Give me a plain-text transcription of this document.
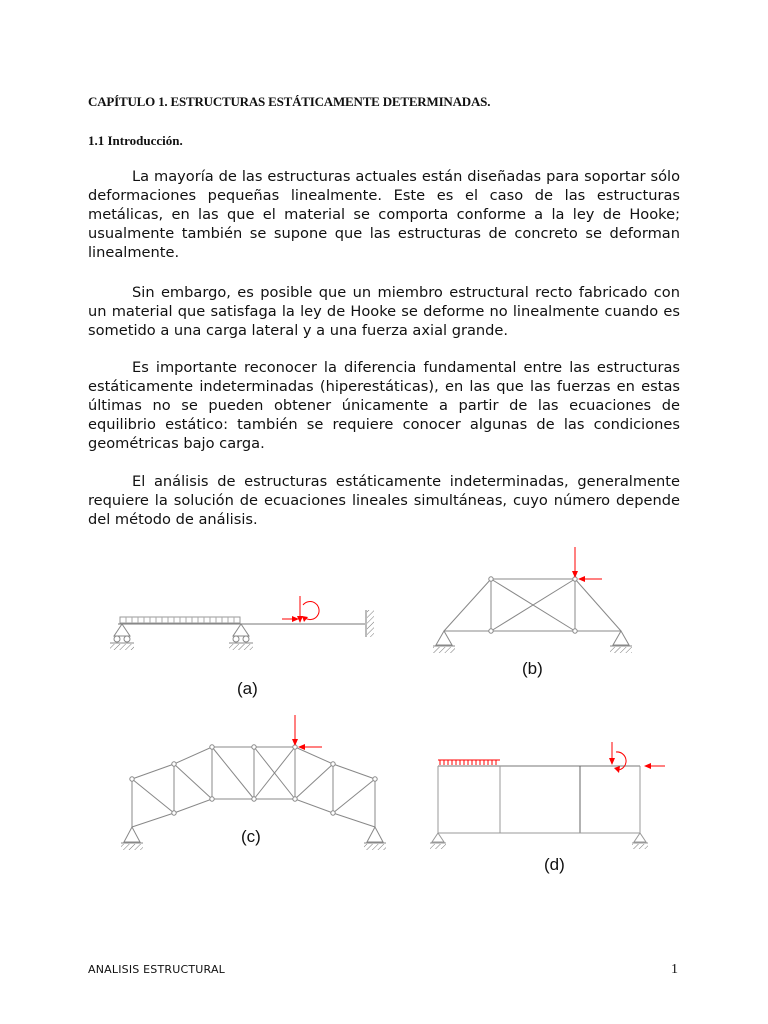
CAPÍTULO 1. ESTRUCTURAS ESTÁTICAMENTE DETERMINADAS.
1.1 Introducción.

La mayoría de las estructuras actuales están diseñadas para soportar sólo deformaciones pequeñas linealmente. Este es el caso de las estructuras metálicas, en las que el material se comporta conforme a la ley de Hooke; usualmente también se supone que las estructuras de concreto se deforman linealmente.

Sin embargo, es posible que un miembro estructural recto fabricado con un material que satisfaga la ley de Hooke se deforme no linealmente cuando es sometido a una carga lateral y a una fuerza axial grande.

Es importante reconocer la diferencia fundamental entre las estructuras estáticamente indeterminadas (hiperestáticas), en las que las fuerzas en estas últimas no se pueden obtener únicamente a partir de las ecuaciones de equilibrio estático: también se requiere conocer algunas de las condiciones geométricas bajo carga.

El análisis de estructuras estáticamente indeterminadas, generalmente requiere la solución de ecuaciones lineales simultáneas, cuyo número depende del método de análisis.

(a)
(b)
(c)
(d)
ANALISIS ESTRUCTURAL	1
